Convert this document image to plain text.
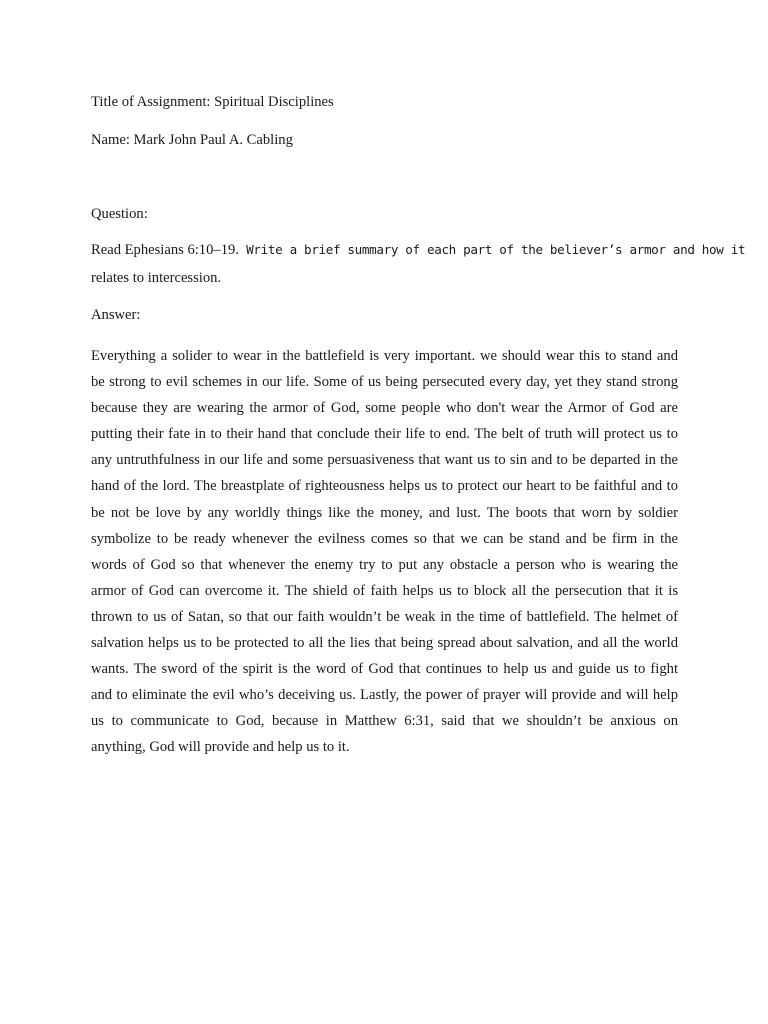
Title of Assignment: Spiritual Disciplines

Name: Mark John Paul A. Cabling

Question:

Read Ephesians 6:10–19. Write a brief summary of each part of the believer’s armor and how it

relates to intercession.

Answer:

Everything a solider to wear in the battlefield is very important. we should wear this to stand and
be strong to evil schemes in our life. Some of us being persecuted every day, yet they stand strong
because they are wearing the armor of God, some people who don't wear the Armor of God are
putting their fate in to their hand that conclude their life to end. The belt of truth will protect us to
any untruthfulness in our life and some persuasiveness that want us to sin and to be departed in the
hand of the lord. The breastplate of righteousness helps us to protect our heart to be faithful and to
be not be love by any worldly things like the money, and lust. The boots that worn by soldier
symbolize to be ready whenever the evilness comes so that we can be stand and be firm in the
words of God so that whenever the enemy try to put any obstacle a person who is wearing the
armor of God can overcome it. The shield of faith helps us to block all the persecution that it is
thrown to us of Satan, so that our faith wouldn’t be weak in the time of battlefield. The helmet of
salvation helps us to be protected to all the lies that being spread about salvation, and all the world
wants. The sword of the spirit is the word of God that continues to help us and guide us to fight
and to eliminate the evil who’s deceiving us. Lastly, the power of prayer will provide and will help
us to communicate to God, because in Matthew 6:31, said that we shouldn’t be anxious on
anything, God will provide and help us to it.
